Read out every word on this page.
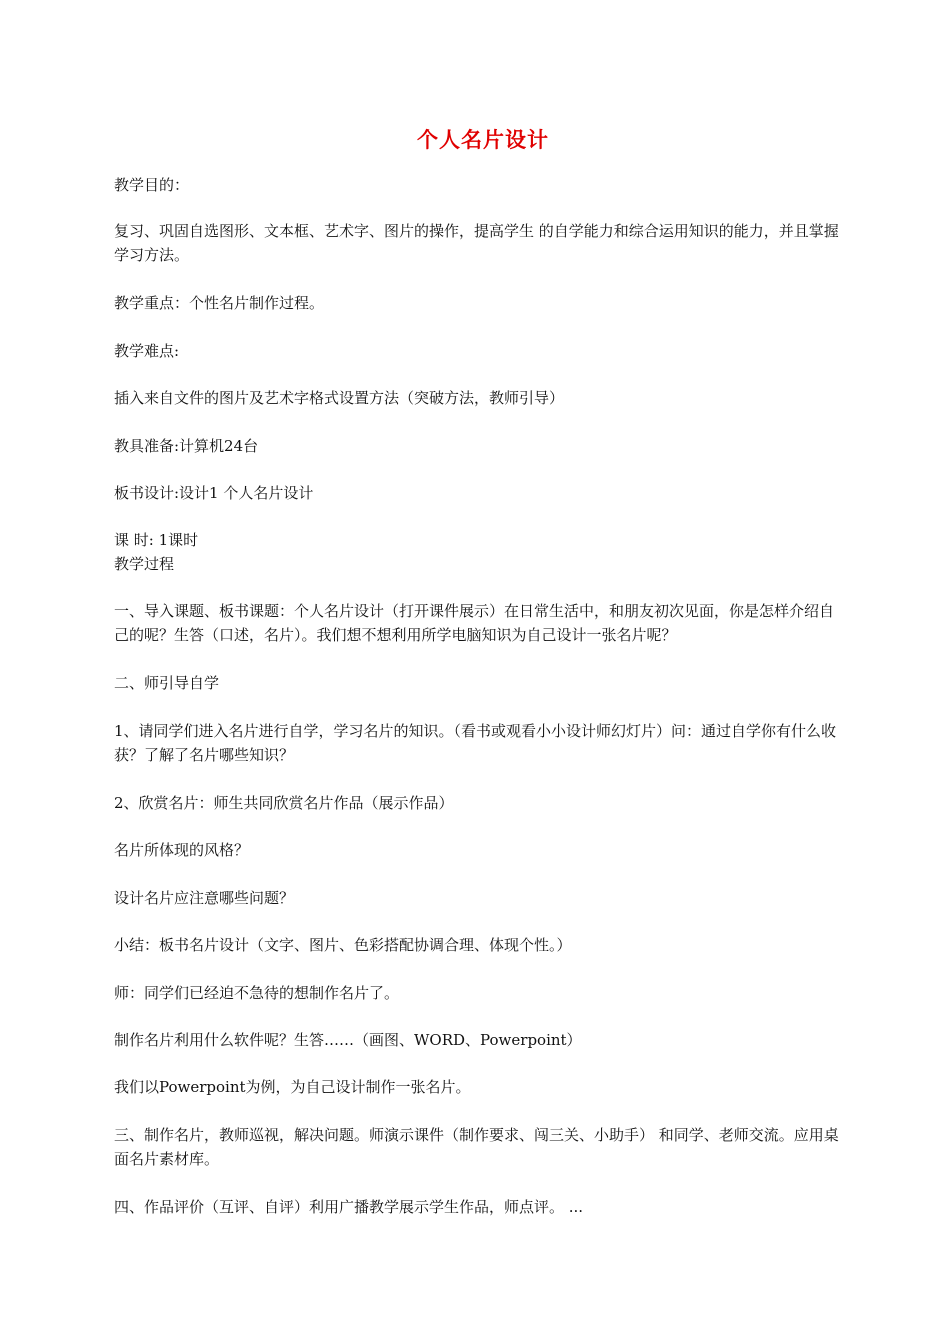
个人名片设计

教学目的：

复习、巩固自选图形、文本框、艺术字、图片的操作，提高学生 的自学能力和综合运用知识的能力，并且掌握学习方法。

教学重点：个性名片制作过程。

教学难点:

插入来自文件的图片及艺术字格式设置方法（突破方法，教师引导）

教具准备:计算机24台

板书设计:设计1 个人名片设计

课 时: 1课时

教学过程

一、导入课题、板书课题：个人名片设计（打开课件展示）在日常生活中，和朋友初次见面，你是怎样介绍自己的呢？生答（口述，名片）。我们想不想利用所学电脑知识为自己设计一张名片呢？

二、师引导自学

1、请同学们进入名片进行自学，学习名片的知识。（看书或观看小小设计师幻灯片）问：通过自学你有什么收获？了解了名片哪些知识？

2、欣赏名片：师生共同欣赏名片作品（展示作品）

名片所体现的风格？

设计名片应注意哪些问题？

小结：板书名片设计（文字、图片、色彩搭配协调合理、体现个性。）

师：同学们已经迫不急待的想制作名片了。

制作名片利用什么软件呢？生答……（画图、WORD、Powerpoint）

我们以Powerpoint为例，为自己设计制作一张名片。

三、制作名片，教师巡视，解决问题。师演示课件（制作要求、闯三关、小助手） 和同学、老师交流。应用桌面名片素材库。

四、作品评价（互评、自评）利用广播教学展示学生作品，师点评。 ...
